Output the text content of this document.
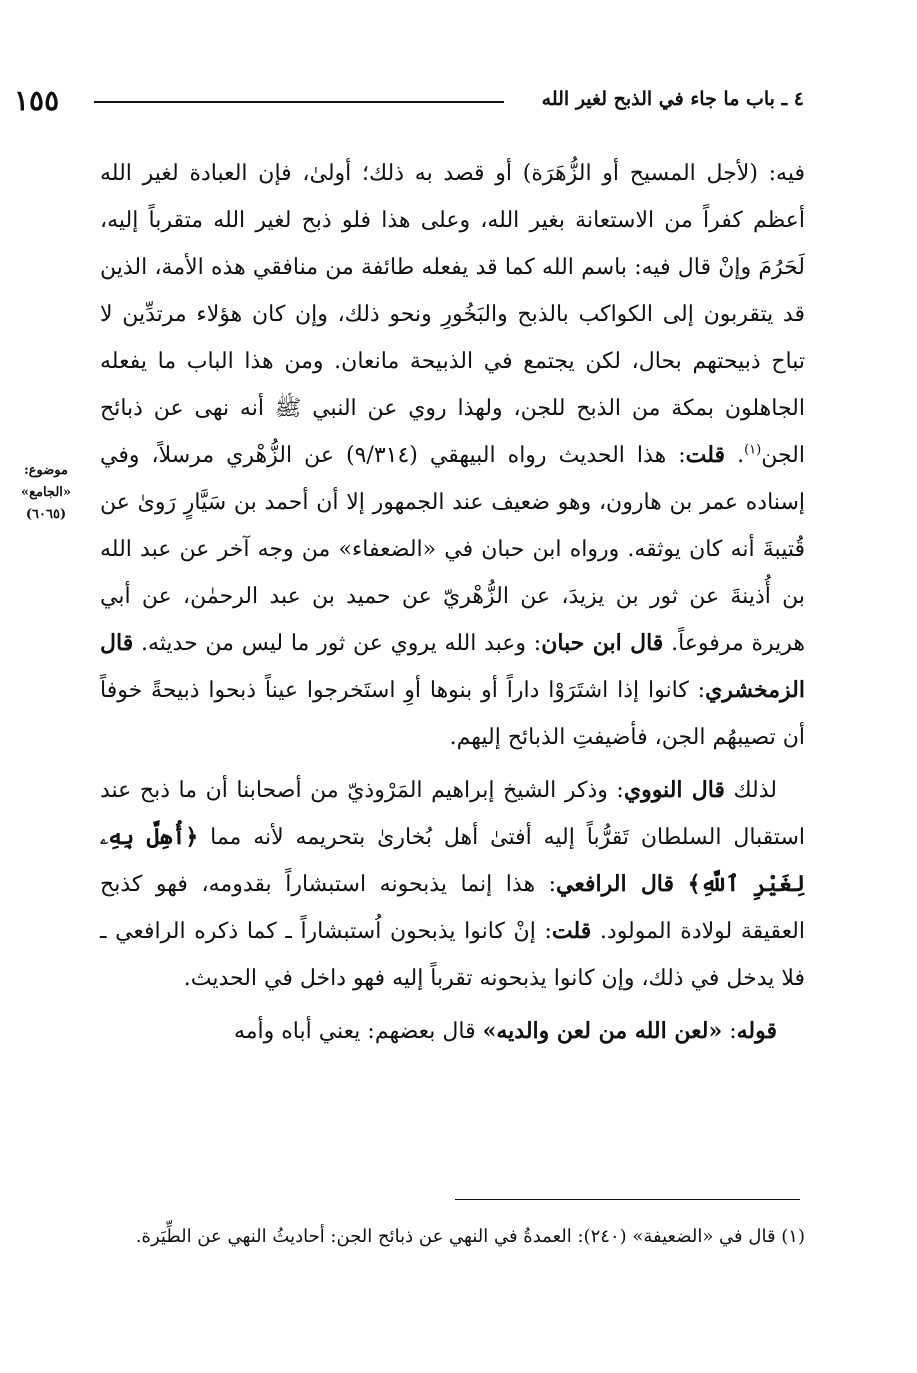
٤ ـ باب ما جاء في الذبح لغير الله
١٥٥
موضوع:
«الجامع»
(٦٠٦٥)

فيه: (لأجل المسيح أو الزُّهَرَة) أو قصد به ذلك؛ أولىٰ، فإن العبادة لغير الله أعظم كفراً من الاستعانة بغير الله، وعلى هذا فلو ذبح لغير الله متقرباً إليه، لَحَرُمَ وإنْ قال فيه: باسم الله كما قد يفعله طائفة من منافقي هذه الأمة، الذين قد يتقربون إلى الكواكب بالذبح والبَخُورِ ونحو ذلك، وإن كان هؤلاء مرتدِّين لا تباح ذبيحتهم بحال، لكن يجتمع في الذبيحة مانعان. ومن هذا الباب ما يفعله الجاهلون بمكة من الذبح للجن، ولهذا روي عن النبي ﷺ أنه نهى عن ذبائح الجن$^{(١)}$. قلت: هذا الحديث رواه البيهقي (٩/٣١٤) عن الزُّهْري مرسلاً، وفي إسناده عمر بن هارون، وهو ضعيف عند الجمهور إلا أن أحمد بن سَيَّارٍ رَوىٰ عن قُتيبةَ أنه كان يوثقه. ورواه ابن حبان في «الضعفاء» من وجه آخر عن عبد الله بن أُذينةَ عن ثور بن يزيدَ، عن الزُّهْريّ عن حميد بن عبد الرحمٰن، عن أبي هريرة مرفوعاً. قال ابن حبان: وعبد الله يروي عن ثور ما ليس من حديثه. قال الزمخشري: كانوا إذا اشتَرَوْا داراً أو بنوها أوِ استَخرجوا عيناً ذبحوا ذبيحةً خوفاً أن تصيبهُم الجن، فأضيفتِ الذبائح إليهم.

لذلك قال النووي: وذكر الشيخ إبراهيم المَرْوذيّ من أصحابنا أن ما ذبح عند استقبال السلطان تَقرُّباً إليه أفتىٰ أهل بُخارىٰ بتحريمه لأنه مما ﴿أُهِلَّ بِهِۦ لِغَيْرِ ٱللَّهِ﴾ قال الرافعي: هذا إنما يذبحونه استبشاراً بقدومه، فهو كذبح العقيقة لولادة المولود. قلت: إنْ كانوا يذبحون اُستبشاراً ـ كما ذكره الرافعي ـ فلا يدخل في ذلك، وإن كانوا يذبحونه تقرباً إليه فهو داخل في الحديث.

قوله: «لعن الله من لعن والديه» قال بعضهم: يعني أباه وأمه

(١) قال في «الضعيفة» (٢٤٠): العمدةُ في النهي عن ذبائح الجن: أحاديثُ النهي عن الطِّيَرة.
